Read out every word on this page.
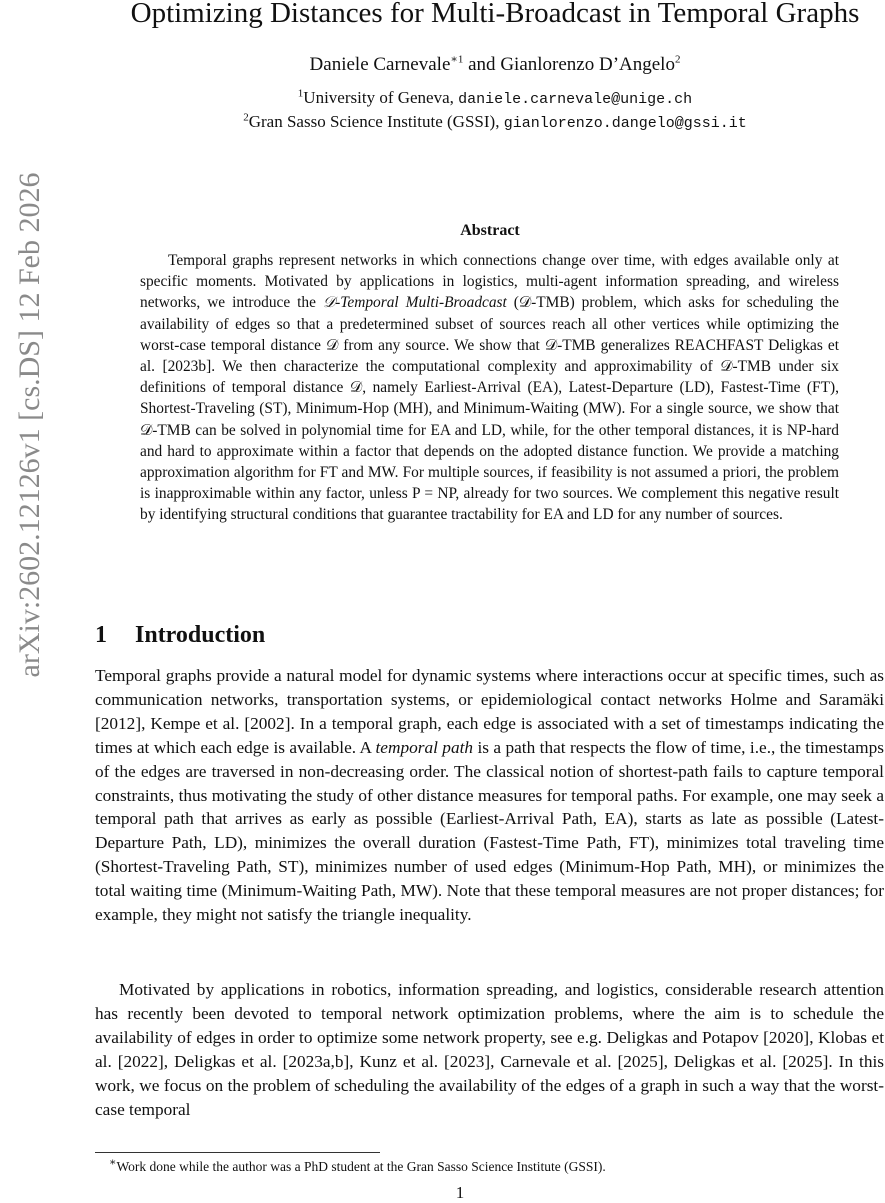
arXiv:2602.12126v1 [cs.DS] 12 Feb 2026
Optimizing Distances for Multi-Broadcast in Temporal Graphs
Daniele Carnevale$^{∗1}$ and Gianlorenzo D’Angelo$^2$
$^1$University of Geneva, daniele.carnevale@unige.ch
$^2$Gran Sasso Science Institute (GSSI), gianlorenzo.dangelo@gssi.it
Abstract

Temporal graphs represent networks in which connections change over time, with edges available only at specific moments. Motivated by applications in logistics, multi-agent information spreading, and wireless networks, we introduce the 𝒟-Temporal Multi-Broadcast (𝒟-TMB) problem, which asks for scheduling the availability of edges so that a predetermined subset of sources reach all other vertices while optimizing the worst-case temporal distance 𝒟 from any source. We show that 𝒟-TMB generalizes REACHFAST Deligkas et al. [2023b]. We then characterize the computational complexity and approximability of 𝒟-TMB under six definitions of temporal distance 𝒟, namely Earliest-Arrival (EA), Latest-Departure (LD), Fastest-Time (FT), Shortest-Traveling (ST), Minimum-Hop (MH), and Minimum-Waiting (MW). For a single source, we show that 𝒟-TMB can be solved in polynomial time for EA and LD, while, for the other temporal distances, it is NP-hard and hard to approximate within a factor that depends on the adopted distance function. We provide a matching approximation algorithm for FT and MW. For multiple sources, if feasibility is not assumed a priori, the problem is inapproximable within any factor, unless P = NP, already for two sources. We complement this negative result by identifying structural conditions that guarantee tractability for EA and LD for any number of sources.

1 Introduction

Temporal graphs provide a natural model for dynamic systems where interactions occur at specific times, such as communication networks, transportation systems, or epidemiological contact networks Holme and Saramäki [2012], Kempe et al. [2002]. In a temporal graph, each edge is associated with a set of timestamps indicating the times at which each edge is available. A temporal path is a path that respects the flow of time, i.e., the timestamps of the edges are traversed in non-decreasing order. The classical notion of shortest-path fails to capture temporal constraints, thus motivating the study of other distance measures for temporal paths. For example, one may seek a temporal path that arrives as early as possible (Earliest-Arrival Path, EA), starts as late as possible (Latest-Departure Path, LD), minimizes the overall duration (Fastest-Time Path, FT), minimizes total traveling time (Shortest-Traveling Path, ST), minimizes number of used edges (Minimum-Hop Path, MH), or minimizes the total waiting time (Minimum-Waiting Path, MW). Note that these temporal measures are not proper distances; for example, they might not satisfy the triangle inequality.

Motivated by applications in robotics, information spreading, and logistics, considerable research attention has recently been devoted to temporal network optimization problems, where the aim is to schedule the availability of edges in order to optimize some network property, see e.g. Deligkas and Potapov [2020], Klobas et al. [2022], Deligkas et al. [2023a,b], Kunz et al. [2023], Carnevale et al. [2025], Deligkas et al. [2025]. In this work, we focus on the problem of scheduling the availability of the edges of a graph in such a way that the worst-case temporal

∗Work done while the author was a PhD student at the Gran Sasso Science Institute (GSSI).
1
